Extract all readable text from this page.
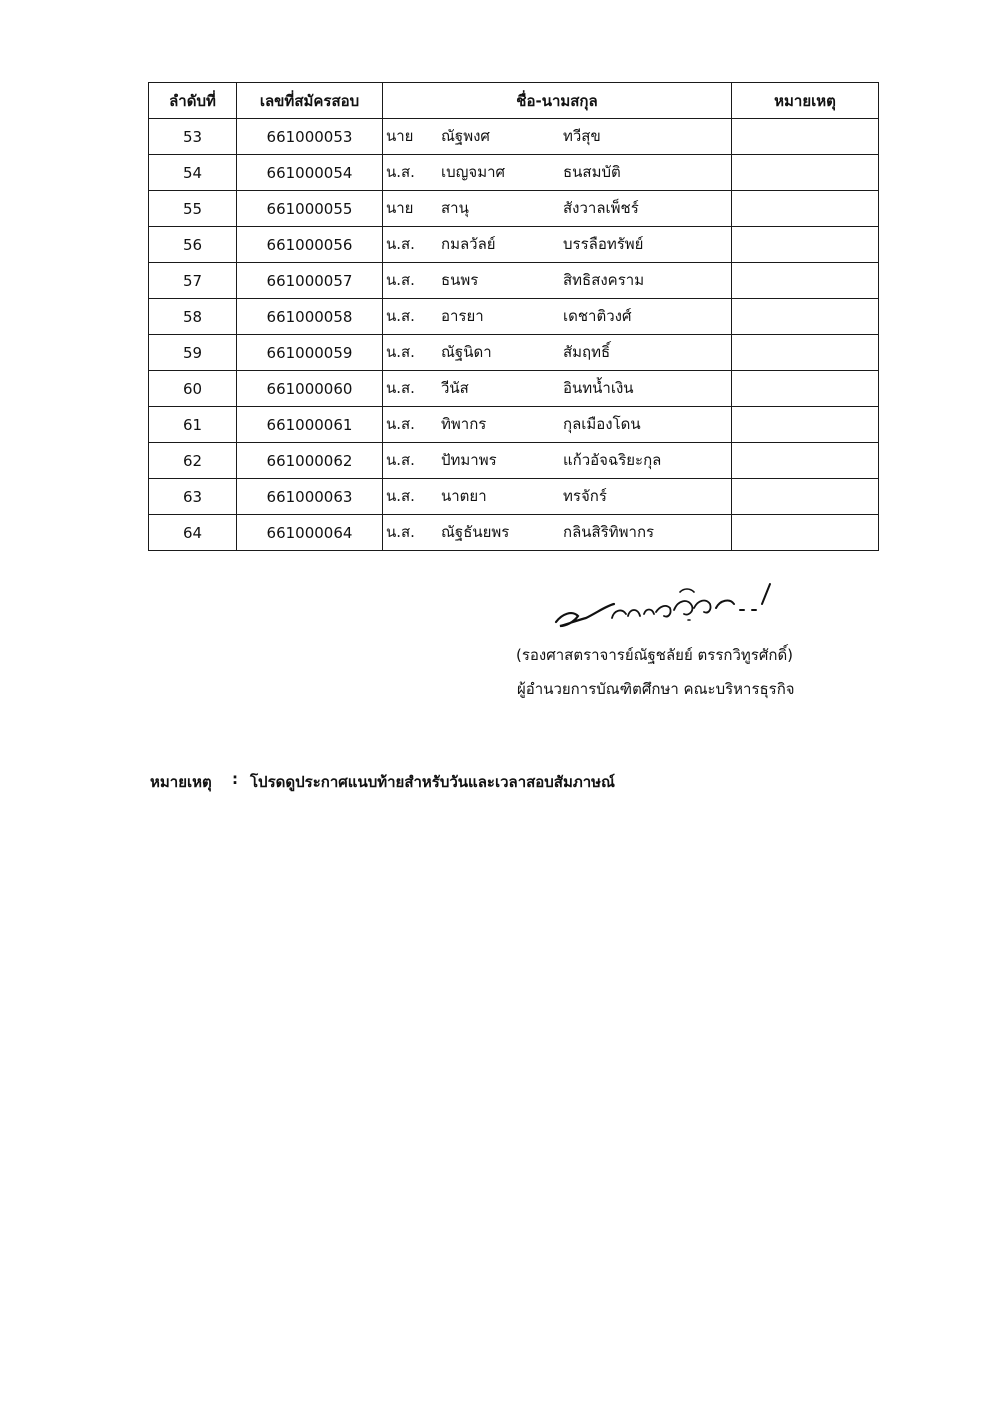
ลำดับที่	เลขที่สมัครสอบ	ชื่อ-นามสกุล	หมายเหตุ
53	661000053	นาย ณัฐพงศ ทวีสุข	

54	661000054	น.ส. เบญจมาศ ธนสมบัติ	

55	661000055	นาย สานุ สังวาลเพ็ชร์	

56	661000056	น.ส. กมลวัลย์ บรรลือทรัพย์	

57	661000057	น.ส. ธนพร สิทธิสงคราม	

58	661000058	น.ส. อารยา เดชาติวงศ์	

59	661000059	น.ส. ณัฐนิดา สัมฤทธิ์	

60	661000060	น.ส. วีนัส อินทน้ำเงิน	

61	661000061	น.ส. ทิพากร กุลเมืองโดน	

62	661000062	น.ส. ปัทมาพร แก้วอัจฉริยะกุล	

63	661000063	น.ส. นาตยา ทรจักร์	

64	661000064	น.ส. ณัฐธันยพร กลินสิริทิพากร	

(รองศาสตราจารย์ณัฐชลัยย์ ตรรกวิทูรศักดิ์)
ผู้อำนวยการบัณฑิตศึกษา คณะบริหารธุรกิจ
หมายเหตุ : โปรดดูประกาศแนบท้ายสำหรับวันและเวลาสอบสัมภาษณ์
